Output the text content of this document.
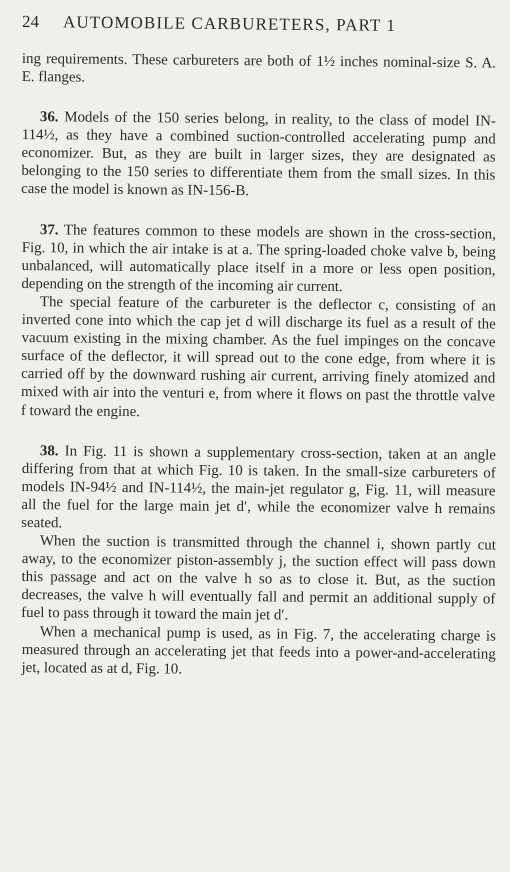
24 AUTOMOBILE CARBURETERS, PART 1

ing requirements. These carbureters are both of 1½ inches nominal-size S. A. E. flanges.

36. Models of the 150 series belong, in reality, to the class of model IN-114½, as they have a combined suction-controlled accelerating pump and economizer. But, as they are built in larger sizes, they are designated as belonging to the 150 series to differentiate them from the small sizes. In this case the model is known as IN-156-B.

37. The features common to these models are shown in the cross-section, Fig. 10, in which the air intake is at a. The spring-loaded choke valve b, being unbalanced, will automatically place itself in a more or less open position, depending on the strength of the incoming air current.

The special feature of the carbureter is the deflector c, consisting of an inverted cone into which the cap jet d will discharge its fuel as a result of the vacuum existing in the mixing chamber. As the fuel impinges on the concave surface of the deflector, it will spread out to the cone edge, from where it is carried off by the downward rushing air current, arriving finely atomized and mixed with air into the venturi e, from where it flows on past the throttle valve f toward the engine.

38. In Fig. 11 is shown a supplementary cross-section, taken at an angle differing from that at which Fig. 10 is taken. In the small-size carbureters of models IN-94½ and IN-114½, the main-jet regulator g, Fig. 11, will measure all the fuel for the large main jet d′, while the economizer valve h remains seated.

When the suction is transmitted through the channel i, shown partly cut away, to the economizer piston-assembly j, the suction effect will pass down this passage and act on the valve h so as to close it. But, as the suction decreases, the valve h will eventually fall and permit an additional supply of fuel to pass through it toward the main jet d′.

When a mechanical pump is used, as in Fig. 7, the accelerating charge is measured through an accelerating jet that feeds into a power-and-accelerating jet, located as at d, Fig. 10.
